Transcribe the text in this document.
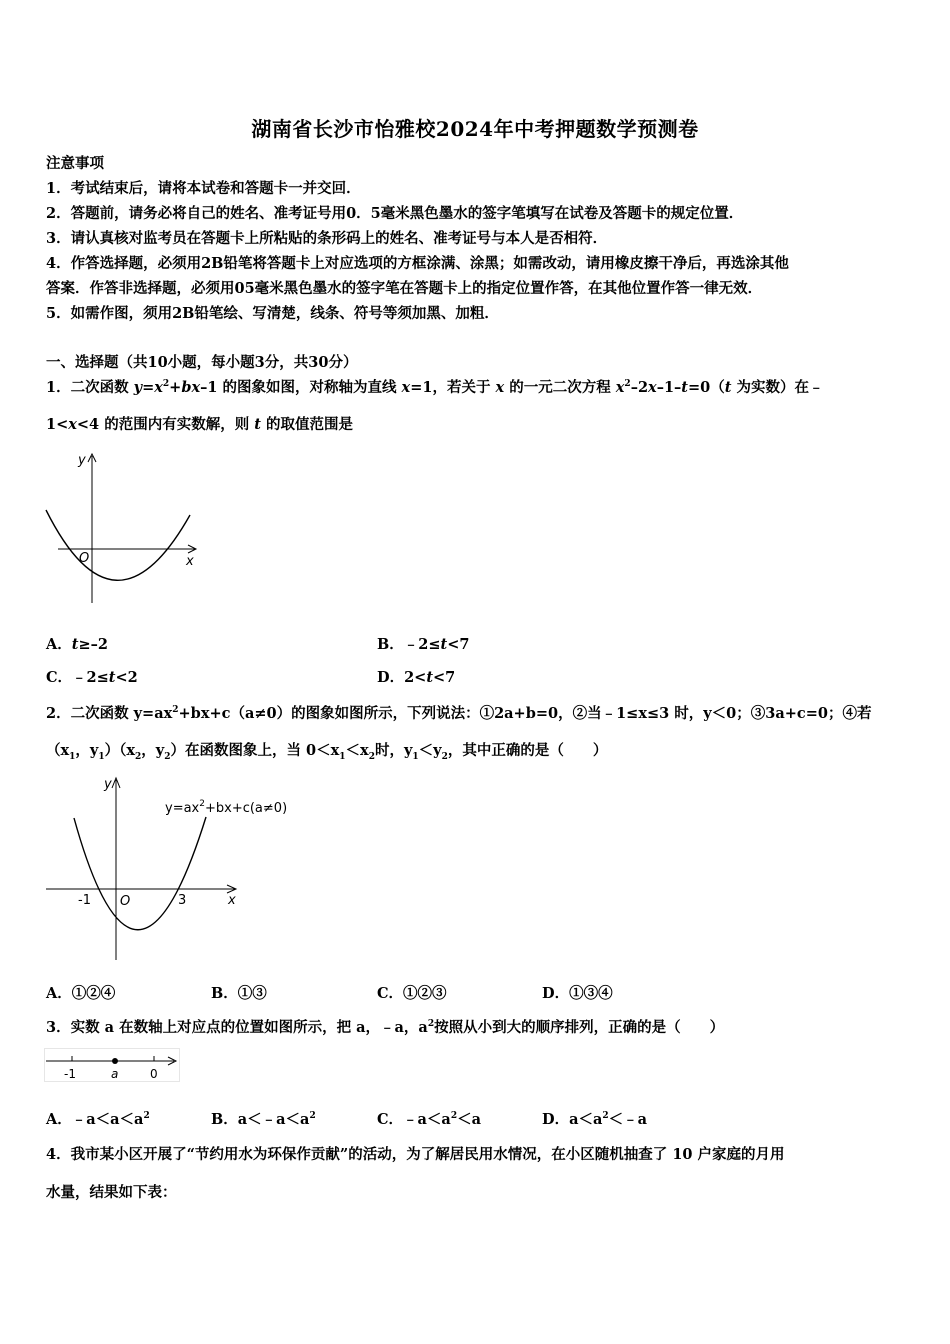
湖南省长沙市怡雅校2024年中考押题数学预测卷
注意事项
1．考试结束后，请将本试卷和答题卡一并交回．
2．答题前，请务必将自己的姓名、准考证号用0．5毫米黑色墨水的签字笔填写在试卷及答题卡的规定位置．
3．请认真核对监考员在答题卡上所粘贴的条形码上的姓名、准考证号与本人是否相符．
4．作答选择题，必须用2B铅笔将答题卡上对应选项的方框涂满、涂黑；如需改动，请用橡皮擦干净后，再选涂其他
答案．作答非选择题，必须用05毫米黑色墨水的签字笔在答题卡上的指定位置作答，在其他位置作答一律无效．
5．如需作图，须用2B铅笔绘、写清楚，线条、符号等须加黑、加粗．
一、选择题（共10小题，每小题3分，共30分）
1．二次函数 $y=x^2+bx-1$ 的图象如图，对称轴为直线 x=1，若关于 x 的一元二次方程 $x^2-2x-1-t=0(t$ 为实数）在﹣
1<x<4 的范围内有实数解，则 t 的取值范围是
y
x
O
A．t≥–2	B．﹣2≤t<7
C．﹣2≤t<2	D．2<t<7
2．二次函数 $y=ax^2+bx+c(a\ne 0)$的图象如图所示，下列说法：①2a+b=0，②当﹣1≤x≤3 时，y＜0；③3a+c=0；④若
（$x_1$，$y_1)(x_2$，$y_2$）在函数图象上，当 $0<x_1<x_2$时，$y_1<y_2$，其中正确的是（　　）
y
x
O
-1	3
$y=ax^2+bx+c(a\ne 0)$
A．①②④	B．①③	C．①②③	D．①③④
3．实数 a 在数轴上对应点的位置如图所示，把 a，﹣a，$a^2$按照从小到大的顺序排列，正确的是（　　）
-1	a	0
A．$﹣a<a<a^2$	B．$a<﹣a<a^2$	C．$﹣a<a^2<a$	D．$a<a^2<﹣a$
4．我市某小区开展了“节约用水为环保作贡献”的活动，为了解居民用水情况，在小区随机抽查了 10 户家庭的月用
水量，结果如下表：
